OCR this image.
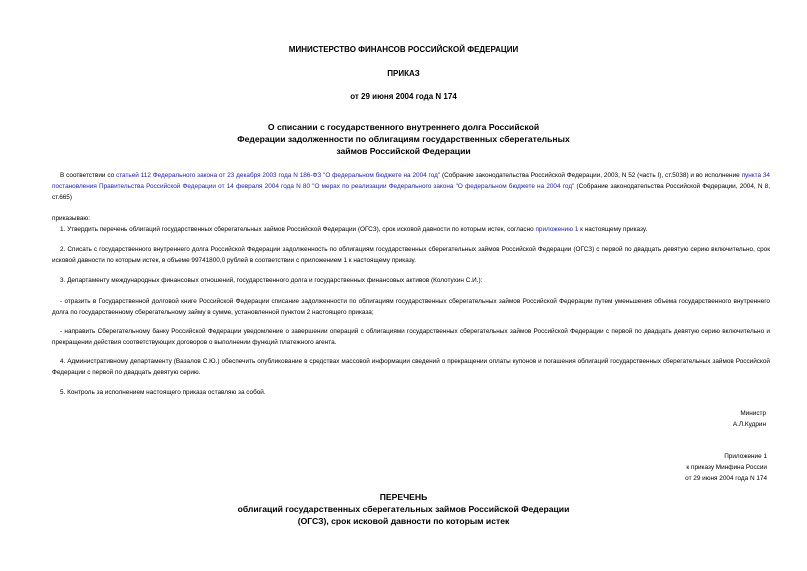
МИНИСТЕРСТВО ФИНАНСОВ РОССИЙСКОЙ ФЕДЕРАЦИИ
ПРИКАЗ
от 29 июня 2004 года N 174
О списании с государственного внутреннего долга Российской
Федерации задолженности по облигациям государственных сберегательных
займов Российской Федерации
В соответствии со статьей 112 Федерального закона от 23 декабря 2003 года N 186-ФЗ "О федеральном бюджете на 2004 год" (Собрание законодательства Российской Федерации, 2003, N 52 (часть I), ст.5038) и во исполнение пункта 34 постановления Правительства Российской Федерации от 14 февраля 2004 года N 80 "О мерах по реализации Федерального закона "О федеральном бюджете на 2004 год" (Собрание законодательства Российской Федерации, 2004, N 8, ст.665)
приказываю:
1. Утвердить перечень облигаций государственных сберегательных займов Российской Федерации (ОГСЗ), срок исковой давности по которым истек, согласно приложению 1 к настоящему приказу.
2. Списать с государственного внутреннего долга Российской Федерации задолженность по облигациям государственных сберегательных займов Российской Федерации (ОГСЗ) с первой по двадцать девятую серию включительно, срок исковой давности по которым истек, в объеме 99741800,0 рублей в соответствии с приложением 1 к настоящему приказу.
3. Департаменту международных финансовых отношений, государственного долга и государственных финансовых активов (Колотухин С.И.):
- отразить в Государственной долговой книге Российской Федерации списание задолженности по облигациям государственных сберегательных займов Российской Федерации путем уменьшения объема государственного внутреннего долга по государственному сберегательному займу в сумме, установленной пунктом 2 настоящего приказа;
- направить Сберегательному банку Российской Федерации уведомление о завершении операций с облигациями государственных сберегательных займов Российской Федерации с первой по двадцать девятую серию включительно и прекращении действия соответствующих договоров о выполнении функций платежного агента.
4. Административному департаменту (Вазалов С.Ю.) обеспечить опубликование в средствах массовой информации сведений о прекращении оплаты купонов и погашения облигаций государственных сберегательных займов Российской Федерации с первой по двадцать девятую серию.
5. Контроль за исполнением настоящего приказа оставляю за собой.
Министр
А.Л.Кудрин
Приложение 1
к приказу Минфина России
от 29 июня 2004 года N 174
ПЕРЕЧЕНЬ
облигаций государственных сберегательных займов Российской Федерации
(ОГСЗ), срок исковой давности по которым истек
